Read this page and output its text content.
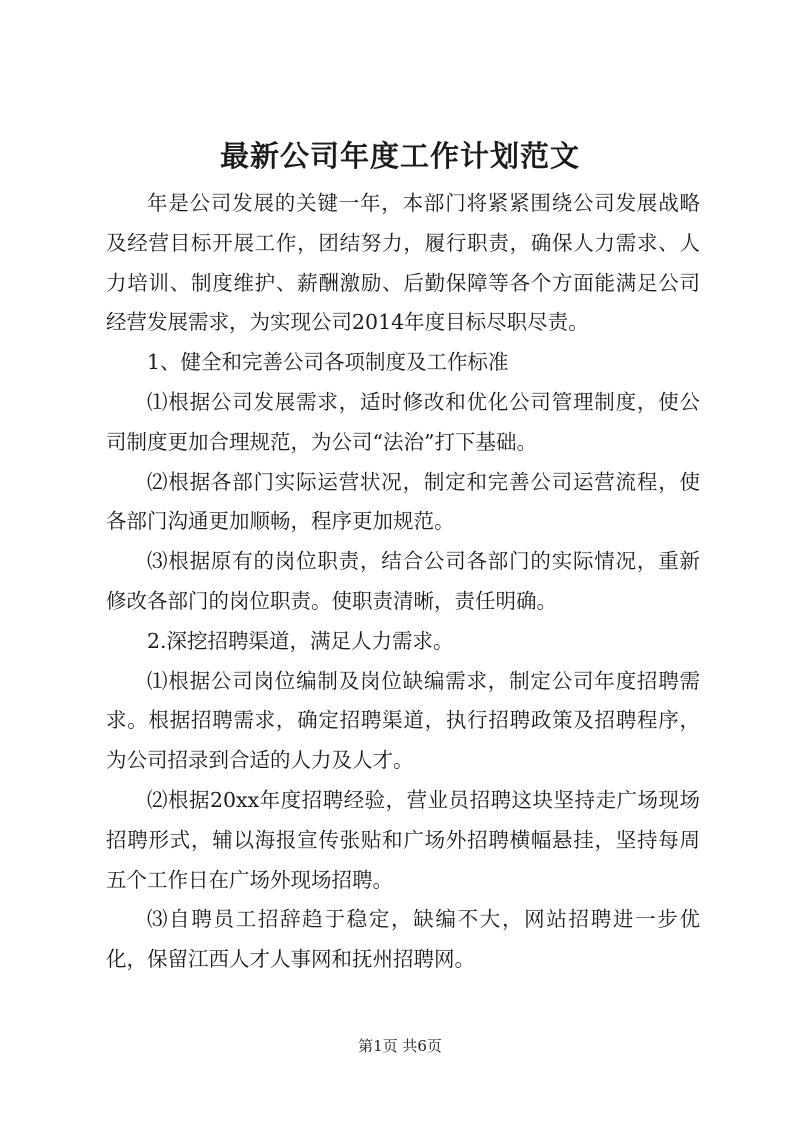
最新公司年度工作计划范文

年是公司发展的关键一年，本部门将紧紧围绕公司发展战略及经营目标开展工作，团结努力，履行职责，确保人力需求、人力培训、制度维护、薪酬激励、后勤保障等各个方面能满足公司经营发展需求，为实现公司2014年度目标尽职尽责。

1、健全和完善公司各项制度及工作标准

⑴根据公司发展需求，适时修改和优化公司管理制度，使公司制度更加合理规范，为公司“法治”打下基础。

⑵根据各部门实际运营状况，制定和完善公司运营流程，使各部门沟通更加顺畅，程序更加规范。

⑶根据原有的岗位职责，结合公司各部门的实际情况，重新修改各部门的岗位职责。使职责清晰，责任明确。

2.深挖招聘渠道，满足人力需求。

⑴根据公司岗位编制及岗位缺编需求，制定公司年度招聘需求。根据招聘需求，确定招聘渠道，执行招聘政策及招聘程序，为公司招录到合适的人力及人才。

⑵根据20xx年度招聘经验，营业员招聘这块坚持走广场现场招聘形式，辅以海报宣传张贴和广场外招聘横幅悬挂，坚持每周五个工作日在广场外现场招聘。

⑶自聘员工招辞趋于稳定，缺编不大，网站招聘进一步优化，保留江西人才人事网和抚州招聘网。

第1页 共6页
